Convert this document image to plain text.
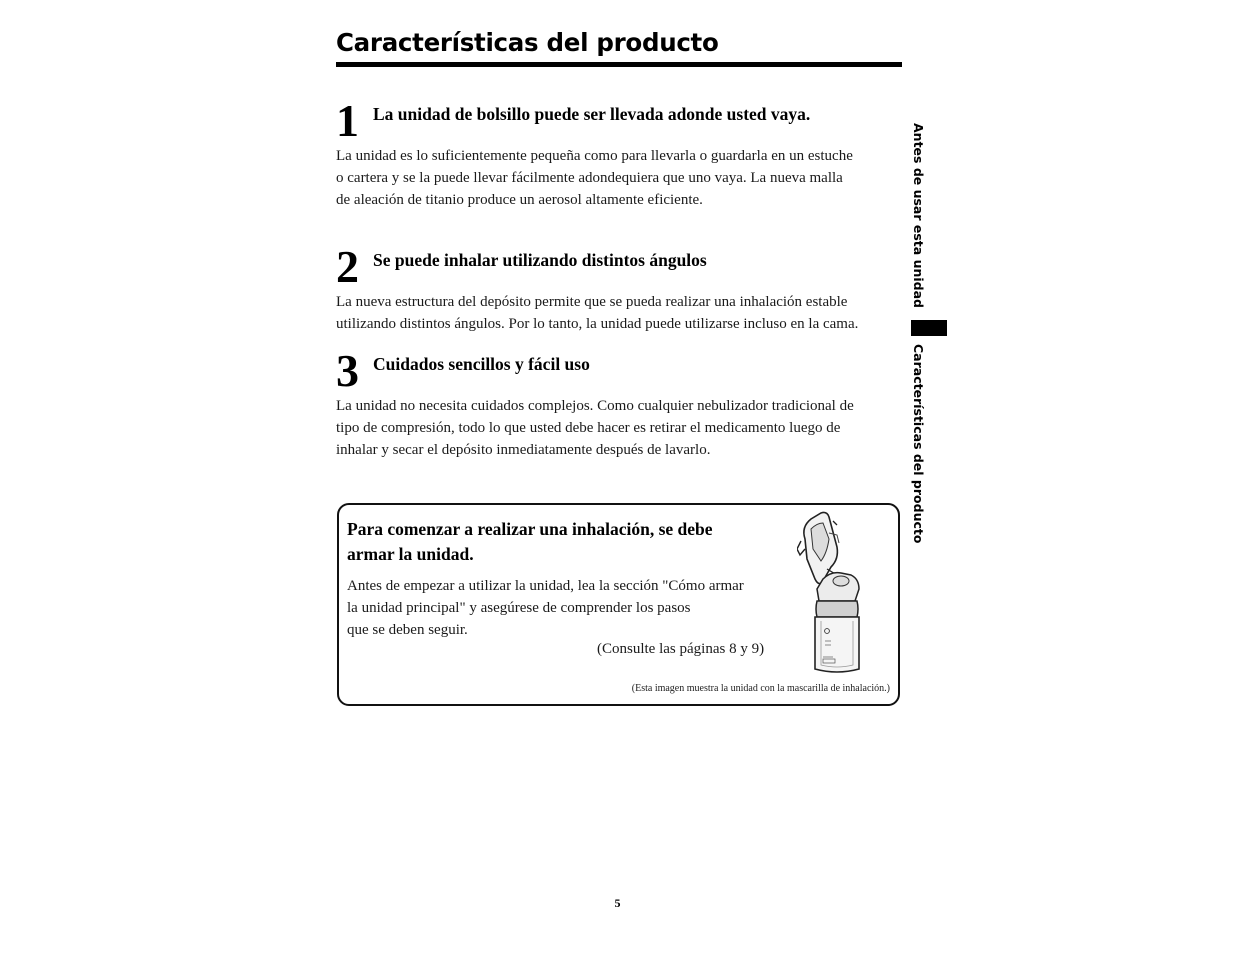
Características del producto
1 La unidad de bolsillo puede ser llevada adonde usted vaya.
La unidad es lo suficientemente pequeña como para llevarla o guardarla en un estuche
o cartera y se la puede llevar fácilmente adondequiera que uno vaya. La nueva malla
de aleación de titanio produce un aerosol altamente eficiente.
2 Se puede inhalar utilizando distintos ángulos
La nueva estructura del depósito permite que se pueda realizar una inhalación estable
utilizando distintos ángulos. Por lo tanto, la unidad puede utilizarse incluso en la cama.
3 Cuidados sencillos y fácil uso
La unidad no necesita cuidados complejos. Como cualquier nebulizador tradicional de
tipo de compresión, todo lo que usted debe hacer es retirar el medicamento luego de
inhalar y secar el depósito inmediatamente después de lavarlo.
Para comenzar a realizar una inhalación, se debe
armar la unidad.
Antes de empezar a utilizar la unidad, lea la sección "Cómo armar
la unidad principal" y asegúrese de comprender los pasos
que se deben seguir.
(Consulte las páginas 8 y 9)
(Esta imagen muestra la unidad con la mascarilla de inhalación.)
Antes de usar esta unidad
Características del producto
5
